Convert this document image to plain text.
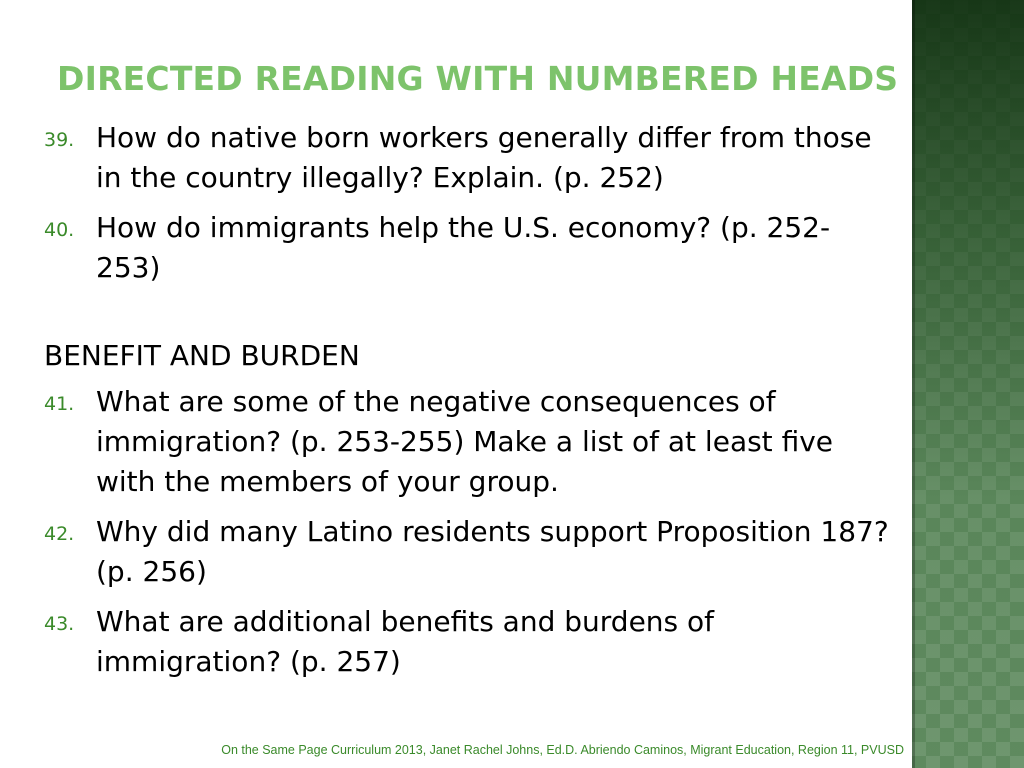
DIRECTED READING WITH NUMBERED HEADS
39. How do native born workers generally differ from those in the country illegally? Explain. (p. 252)
40. How do immigrants help the U.S. economy? (p. 252-253)
BENEFIT AND BURDEN
41. What are some of the negative consequences of immigration? (p. 253-255) Make a list of at least five with the members of your group.
42. Why did many Latino residents support Proposition 187? (p. 256)
43. What are additional benefits and burdens of immigration? (p. 257)
On the Same Page Curriculum 2013, Janet Rachel Johns, Ed.D. Abriendo Caminos, Migrant Education, Region 11, PVUSD
